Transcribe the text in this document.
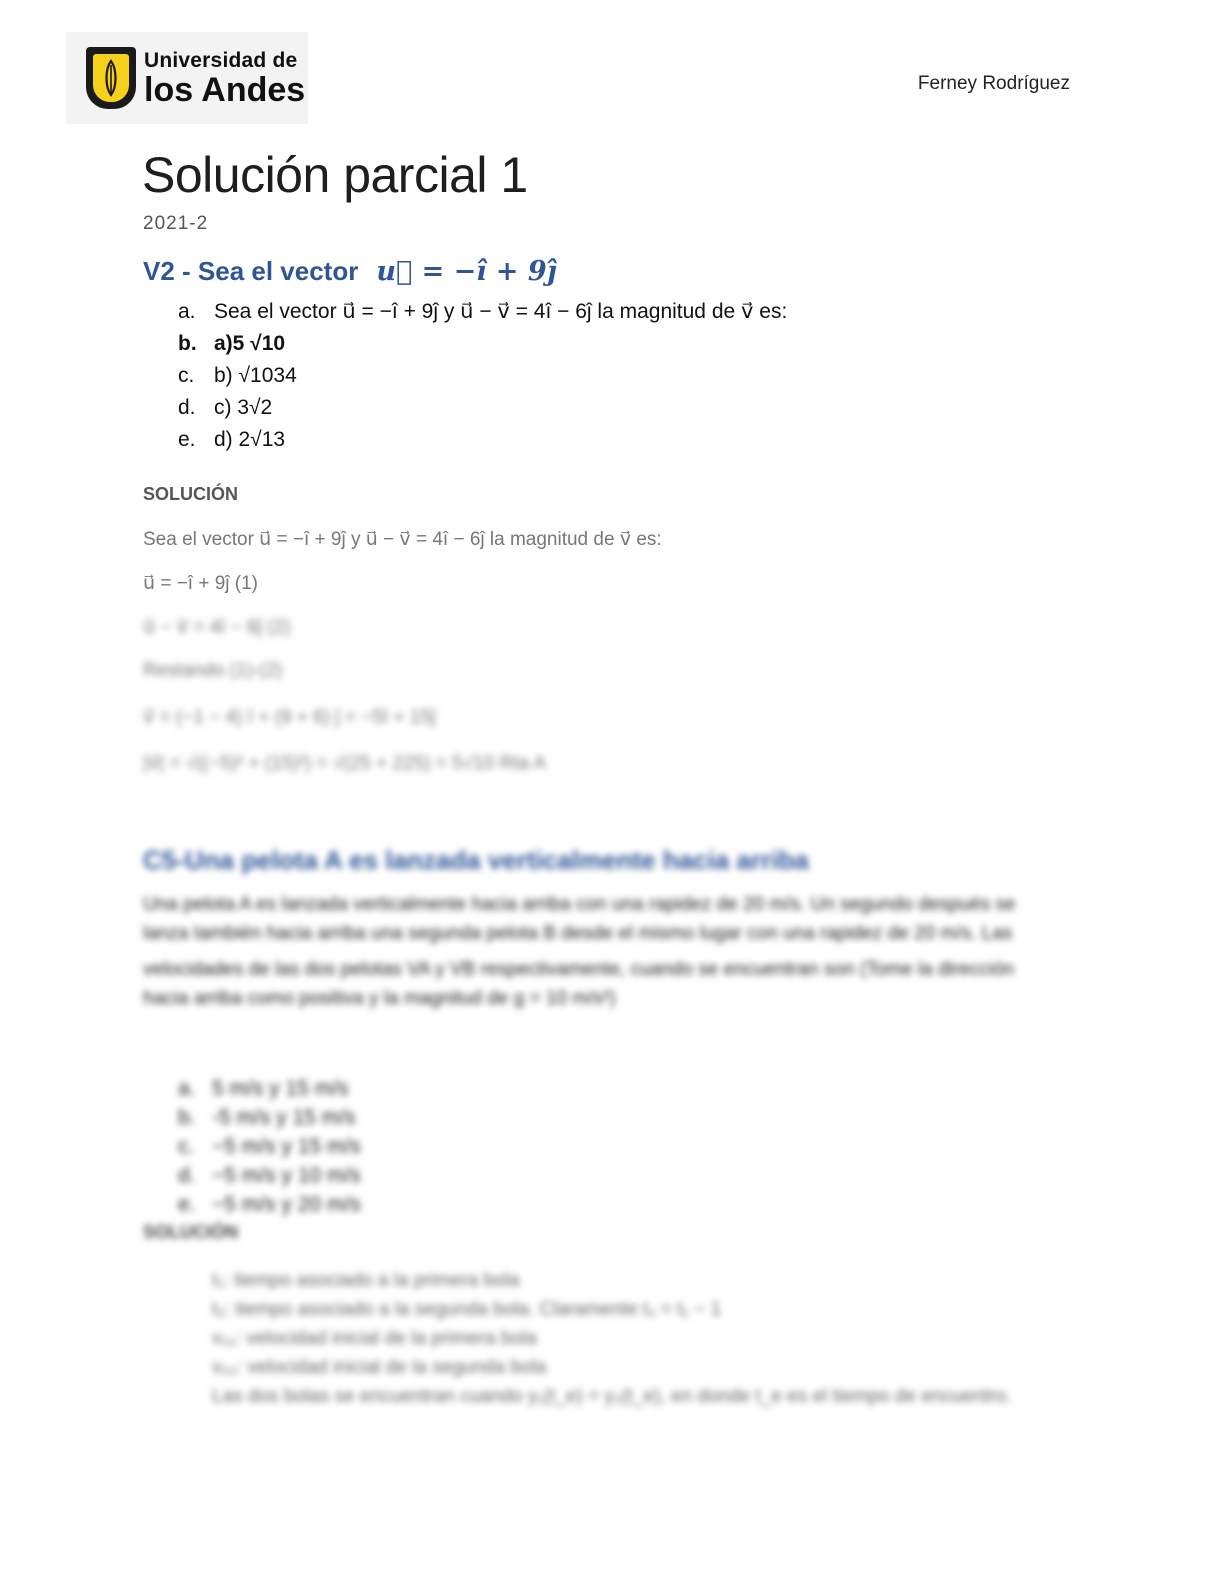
Universidad de
los Andes	Ferney Rodríguez
Solución parcial 1
2021-2
V2 - Sea el vector u⃗ = −î + 9ĵ
a. Sea el vector u⃗ = −î + 9ĵ y u⃗ − v⃗ = 4î − 6ĵ la magnitud de v⃗ es:
b. a)5 √10
c. b) √1034
d. c) 3√2
e. d) 2√13
SOLUCIÓN
Sea el vector u⃗ = −î + 9ĵ y u⃗ − v⃗ = 4î − 6ĵ la magnitud de v⃗ es:
u⃗ = −î + 9ĵ (1)
u⃗ − v⃗ = 4î − 6ĵ (2)
Restando (1)-(2)
v⃗ = (−1 − 4) î + (9 + 6) ĵ = −5î + 15ĵ
|v⃗| = √((−5)² + (15)²) = √(25 + 225) = 5√10 Rta A
C5-Una pelota A es lanzada verticalmente hacia arriba
Una pelota A es lanzada verticalmente hacia arriba con una rapidez de 20 m/s. Un segundo después se lanza también hacia arriba una segunda pelota B desde el mismo lugar con una rapidez de 20 m/s. Las
velocidades de las dos pelotas VA y VB respectivamente, cuando se encuentran son (Tome la dirección hacia arriba como positiva y la magnitud de g = 10 m/s²)
a. 5 m/s y 15 m/s
b. -5 m/s y 15 m/s
c. −5 m/s y 15 m/s
d. −5 m/s y 10 m/s
e. −5 m/s y 20 m/s
SOLUCIÓN
t₁: tiempo asociado a la primera bola
t₂: tiempo asociado a la segunda bola. Claramente t₂ = t₁ − 1
v₀₁: velocidad inicial de la primera bola
v₀₂: velocidad inicial de la segunda bola
Las dos bolas se encuentran cuando y₁(t_e) = y₂(t_e), en donde t_e es el tiempo de encuentro.
